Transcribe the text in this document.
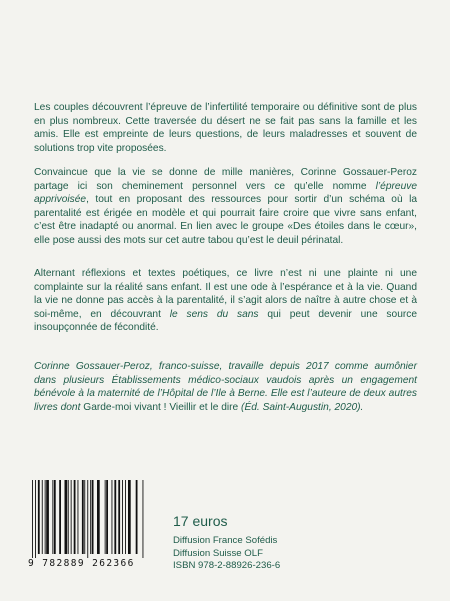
Les couples découvrent l’épreuve de l’infertilité temporaire ou définitive sont de plus en plus nombreux. Cette traversée du désert ne se fait pas sans la famille et les amis. Elle est empreinte de leurs questions, de leurs maladresses et souvent de solutions trop vite proposées.

Convaincue que la vie se donne de mille manières, Corinne Gossauer-Peroz partage ici son cheminement personnel vers ce qu’elle nomme l’épreuve apprivoisée, tout en proposant des ressources pour sortir d’un schéma où la parentalité est érigée en modèle et qui pourrait faire croire que vivre sans enfant, c’est être inadapté ou anormal. En lien avec le groupe «Des étoiles dans le cœur», elle pose aussi des mots sur cet autre tabou qu’est le deuil périnatal.

Alternant réflexions et textes poétiques, ce livre n’est ni une plainte ni une complainte sur la réalité sans enfant. Il est une ode à l’espérance et à la vie. Quand la vie ne donne pas accès à la parentalité, il s’agit alors de naître à autre chose et à soi-même, en découvrant le sens du sans qui peut devenir une source insoupçonnée de fécondité.

Corinne Gossauer-Peroz, franco-suisse, travaille depuis 2017 comme aumônier dans plusieurs Établissements médico-sociaux vaudois après un engagement bénévole à la maternité de l’Hôpital de l’Ile à Berne. Elle est l’auteure de deux autres livres dont Garde-moi vivant ! Vieillir et le dire (Éd. Saint-Augustin, 2020).

9 782889 262366
17 euros
Diffusion France Sofédis
Diffusion Suisse OLF
ISBN 978-2-88926-236-6
